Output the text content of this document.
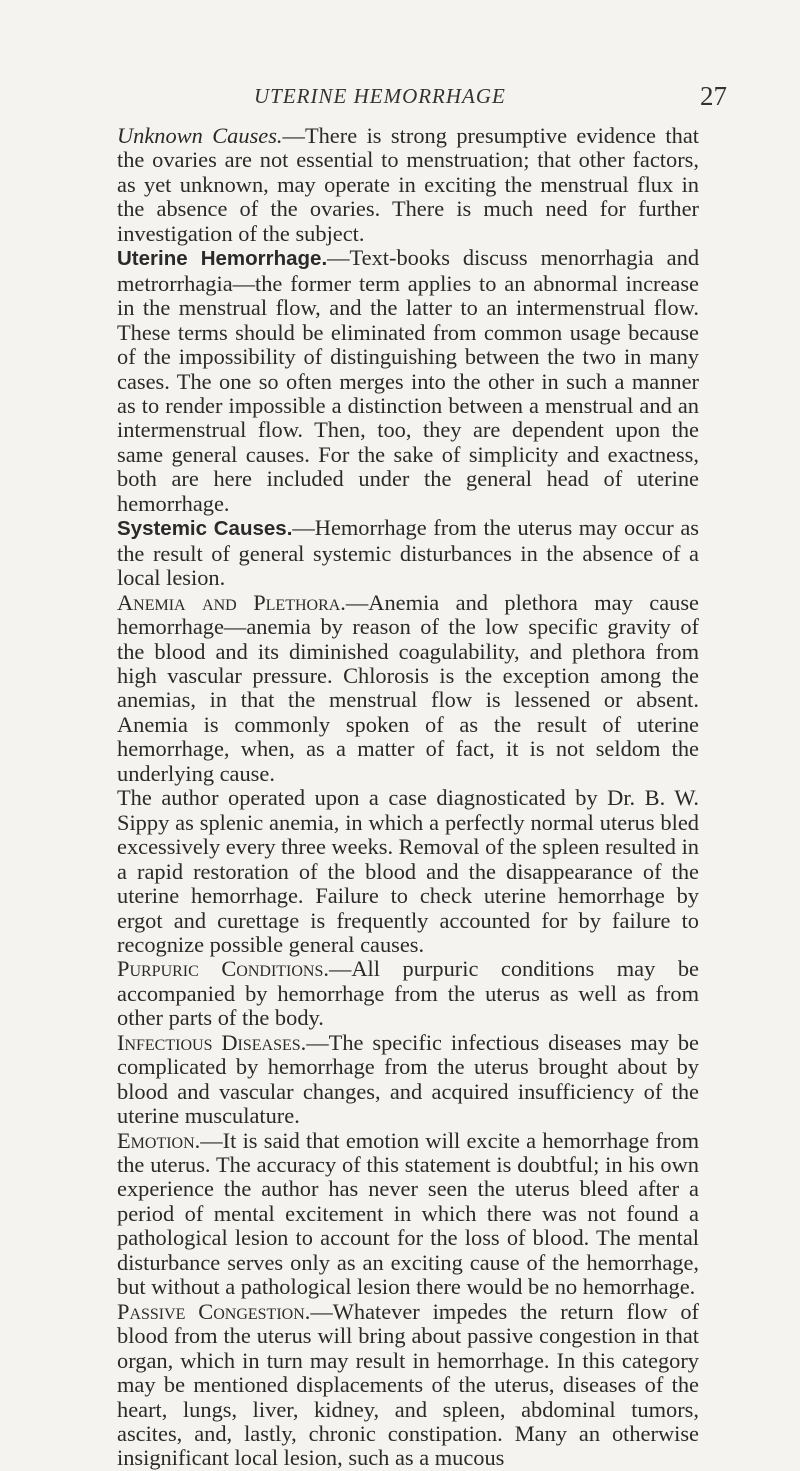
UTERINE HEMORRHAGE	27

Unknown Causes.—There is strong presumptive evidence that the ovaries are not essential to menstruation; that other factors, as yet unknown, may operate in exciting the menstrual flux in the absence of the ovaries. There is much need for further investigation of the subject.

Uterine Hemorrhage.—Text-books discuss menorrhagia and metrorrhagia—the former term applies to an abnormal increase in the menstrual flow, and the latter to an intermenstrual flow. These terms should be eliminated from common usage because of the impossibility of distinguishing between the two in many cases. The one so often merges into the other in such a manner as to render impossible a distinction between a menstrual and an intermenstrual flow. Then, too, they are dependent upon the same general causes. For the sake of simplicity and exactness, both are here included under the general head of uterine hemorrhage.

Systemic Causes.—Hemorrhage from the uterus may occur as the result of general systemic disturbances in the absence of a local lesion.

Anemia and Plethora.—Anemia and plethora may cause hemorrhage—anemia by reason of the low specific gravity of the blood and its diminished coagulability, and plethora from high vascular pressure. Chlorosis is the exception among the anemias, in that the menstrual flow is lessened or absent. Anemia is commonly spoken of as the result of uterine hemorrhage, when, as a matter of fact, it is not seldom the underlying cause.

The author operated upon a case diagnosticated by Dr. B. W. Sippy as splenic anemia, in which a perfectly normal uterus bled excessively every three weeks. Removal of the spleen resulted in a rapid restoration of the blood and the disappearance of the uterine hemorrhage. Failure to check uterine hemorrhage by ergot and curettage is frequently accounted for by failure to recognize possible general causes.

Purpuric Conditions.—All purpuric conditions may be accompanied by hemorrhage from the uterus as well as from other parts of the body.

Infectious Diseases.—The specific infectious diseases may be complicated by hemorrhage from the uterus brought about by blood and vascular changes, and acquired insufficiency of the uterine musculature.

Emotion.—It is said that emotion will excite a hemorrhage from the uterus. The accuracy of this statement is doubtful; in his own experience the author has never seen the uterus bleed after a period of mental excitement in which there was not found a pathological lesion to account for the loss of blood. The mental disturbance serves only as an exciting cause of the hemorrhage, but without a pathological lesion there would be no hemorrhage.

Passive Congestion.—Whatever impedes the return flow of blood from the uterus will bring about passive congestion in that organ, which in turn may result in hemorrhage. In this category may be mentioned displacements of the uterus, diseases of the heart, lungs, liver, kidney, and spleen, abdominal tumors, ascites, and, lastly, chronic constipation. Many an otherwise insignificant local lesion, such as a mucous
